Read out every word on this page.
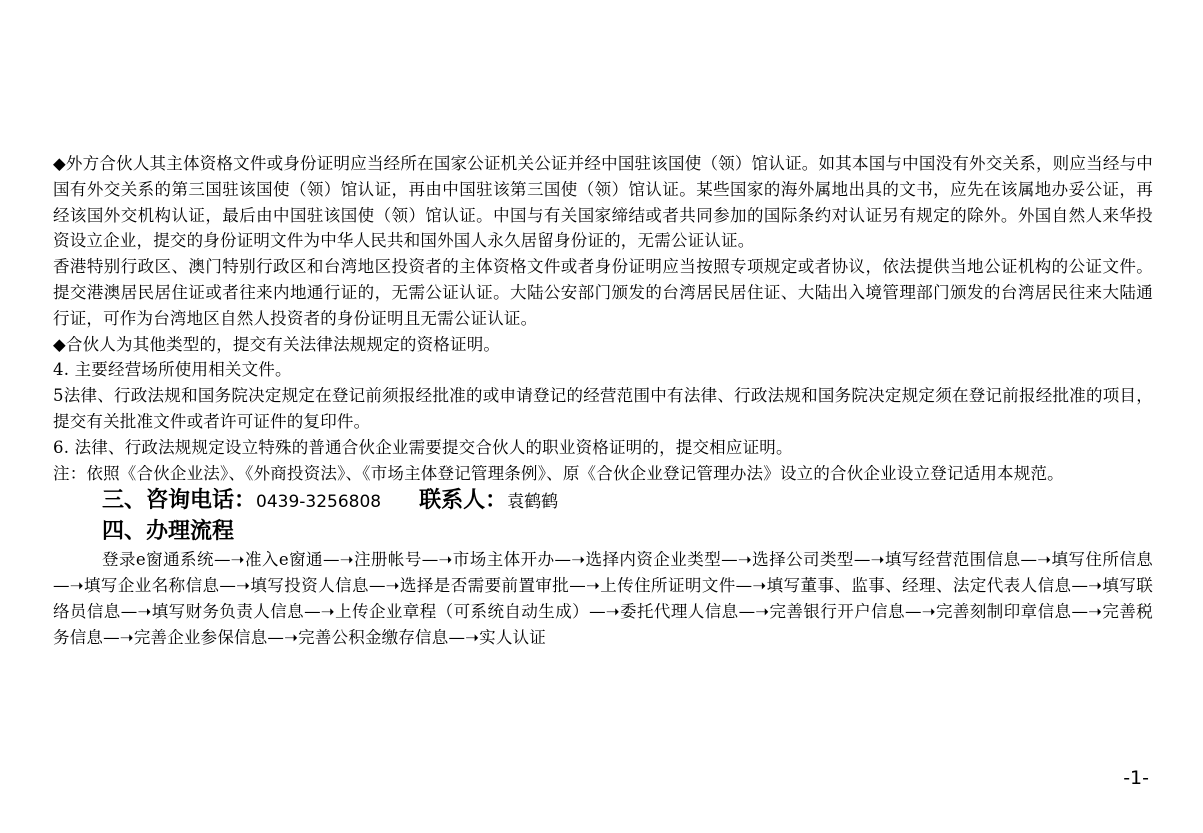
◆外方合伙人其主体资格文件或身份证明应当经所在国家公证机关公证并经中国驻该国使（领）馆认证。如其本国与中国没有外交关系，则应当经与中国有外交关系的第三国驻该国使（领）馆认证，再由中国驻该第三国使（领）馆认证。某些国家的海外属地出具的文书，应先在该属地办妥公证，再经该国外交机构认证，最后由中国驻该国使（领）馆认证。中国与有关国家缔结或者共同参加的国际条约对认证另有规定的除外。外国自然人来华投资设立企业，提交的身份证明文件为中华人民共和国外国人永久居留身份证的，无需公证认证。

香港特别行政区、澳门特别行政区和台湾地区投资者的主体资格文件或者身份证明应当按照专项规定或者协议，依法提供当地公证机构的公证文件。提交港澳居民居住证或者往来内地通行证的，无需公证认证。大陆公安部门颁发的台湾居民居住证、大陆出入境管理部门颁发的台湾居民往来大陆通行证，可作为台湾地区自然人投资者的身份证明且无需公证认证。

◆合伙人为其他类型的，提交有关法律法规规定的资格证明。

4. 主要经营场所使用相关文件。

5法律、行政法规和国务院决定规定在登记前须报经批准的或申请登记的经营范围中有法律、行政法规和国务院决定规定须在登记前报经批准的项目，提交有关批准文件或者许可证件的复印件。

6. 法律、行政法规规定设立特殊的普通合伙企业需要提交合伙人的职业资格证明的，提交相应证明。

注：依照《合伙企业法》、《外商投资法》、《市场主体登记管理条例》、原《合伙企业登记管理办法》设立的合伙企业设立登记适用本规范。

三、咨询电话：0439-3256808 联系人：袁鹤鹤

四、办理流程

登录e窗通系统—➝准入e窗通—➝注册帐号—➝市场主体开办—➝选择内资企业类型—➝选择公司类型—➝填写经营范围信息—➝填写住所信息—➝填写企业名称信息—➝填写投资人信息—➝选择是否需要前置审批—➝上传住所证明文件—➝填写董事、监事、经理、法定代表人信息—➝填写联络员信息—➝填写财务负责人信息—➝上传企业章程（可系统自动生成）—➝委托代理人信息—➝完善银行开户信息—➝完善刻制印章信息—➝完善税务信息—➝完善企业参保信息—➝完善公积金缴存信息—➝实人认证

-1-
